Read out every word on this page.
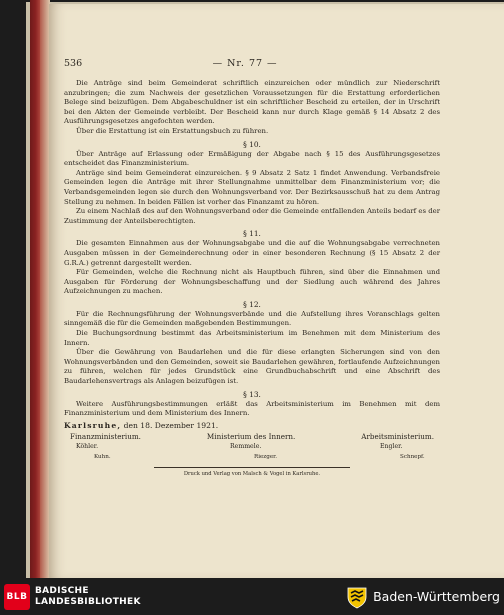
536	— Nr. 77 —
Die Anträge sind beim Gemeinderat schriftlich einzureichen oder mündlich zur Niederschrift anzubringen; die zum Nachweis der gesetzlichen Voraussetzungen für die Erstattung erforderlichen Belege sind beizufügen. Dem Abgabeschuldner ist ein schriftlicher Bescheid zu erteilen, der in Urschrift bei den Akten der Gemeinde verbleibt. Der Bescheid kann nur durch Klage gemäß § 14 Absatz 2 des Ausführungsgesetzes angefochten werden.
Über die Erstattung ist ein Erstattungsbuch zu führen.
§ 10.
Über Anträge auf Erlassung oder Ermäßigung der Abgabe nach § 15 des Ausführungsgesetzes entscheidet das Finanzministerium.
Anträge sind beim Gemeinderat einzureichen. § 9 Absatz 2 Satz 1 findet Anwendung. Verbandsfreie Gemeinden legen die Anträge mit ihrer Stellungnahme unmittelbar dem Finanzministerium vor; die Verbandsgemeinden legen sie durch den Wohnungsverband vor. Der Bezirksausschuß hat zu dem Antrag Stellung zu nehmen. In beiden Fällen ist vorher das Finanzamt zu hören.
Zu einem Nachlaß des auf den Wohnungsverband oder die Gemeinde entfallenden Anteils bedarf es der Zustimmung der Anteilsberechtigten.
§ 11.
Die gesamten Einnahmen aus der Wohnungsabgabe und die auf die Wohnungsabgabe verrechneten Ausgaben müssen in der Gemeinderechnung oder in einer besonderen Rechnung (§ 15 Absatz 2 der G.R.A.) getrennt dargestellt werden.
Für Gemeinden, welche die Rechnung nicht als Hauptbuch führen, sind über die Einnahmen und Ausgaben für Förderung der Wohnungsbeschaffung und der Siedlung auch während des Jahres Aufzeichnungen zu machen.
§ 12.
Für die Rechnungsführung der Wohnungsverbände und die Aufstellung ihres Voranschlags gelten sinngemäß die für die Gemeinden maßgebenden Bestimmungen.
Die Buchungsordnung bestimmt das Arbeitsministerium im Benehmen mit dem Ministerium des Innern.
Über die Gewährung von Baudarlehen und die für diese erlangten Sicherungen sind von den Wohnungsverbänden und den Gemeinden, soweit sie Baudarlehen gewähren, fortlaufende Aufzeichnungen zu führen, welchen für jedes Grundstück eine Grundbuchabschrift und eine Abschrift des Baudarlehensvertrags als Anlagen beizufügen ist.
§ 13.
Weitere Ausführungsbestimmungen erläßt das Arbeitsministerium im Benehmen mit dem Finanzministerium und dem Ministerium des Innern.
Karlsruhe, den 18. Dezember 1921.
Finanzministerium.	Ministerium des Innern.	Arbeitsministerium.
Köhler.	Remmele.	Engler.
Kuhn.	Riezger.	Schnepf.
Druck und Verlag von Malsch & Vogel in Karlsruhe.
BLB
BADISCHE
LANDESBIBLIOTHEK	Baden-Württemberg
